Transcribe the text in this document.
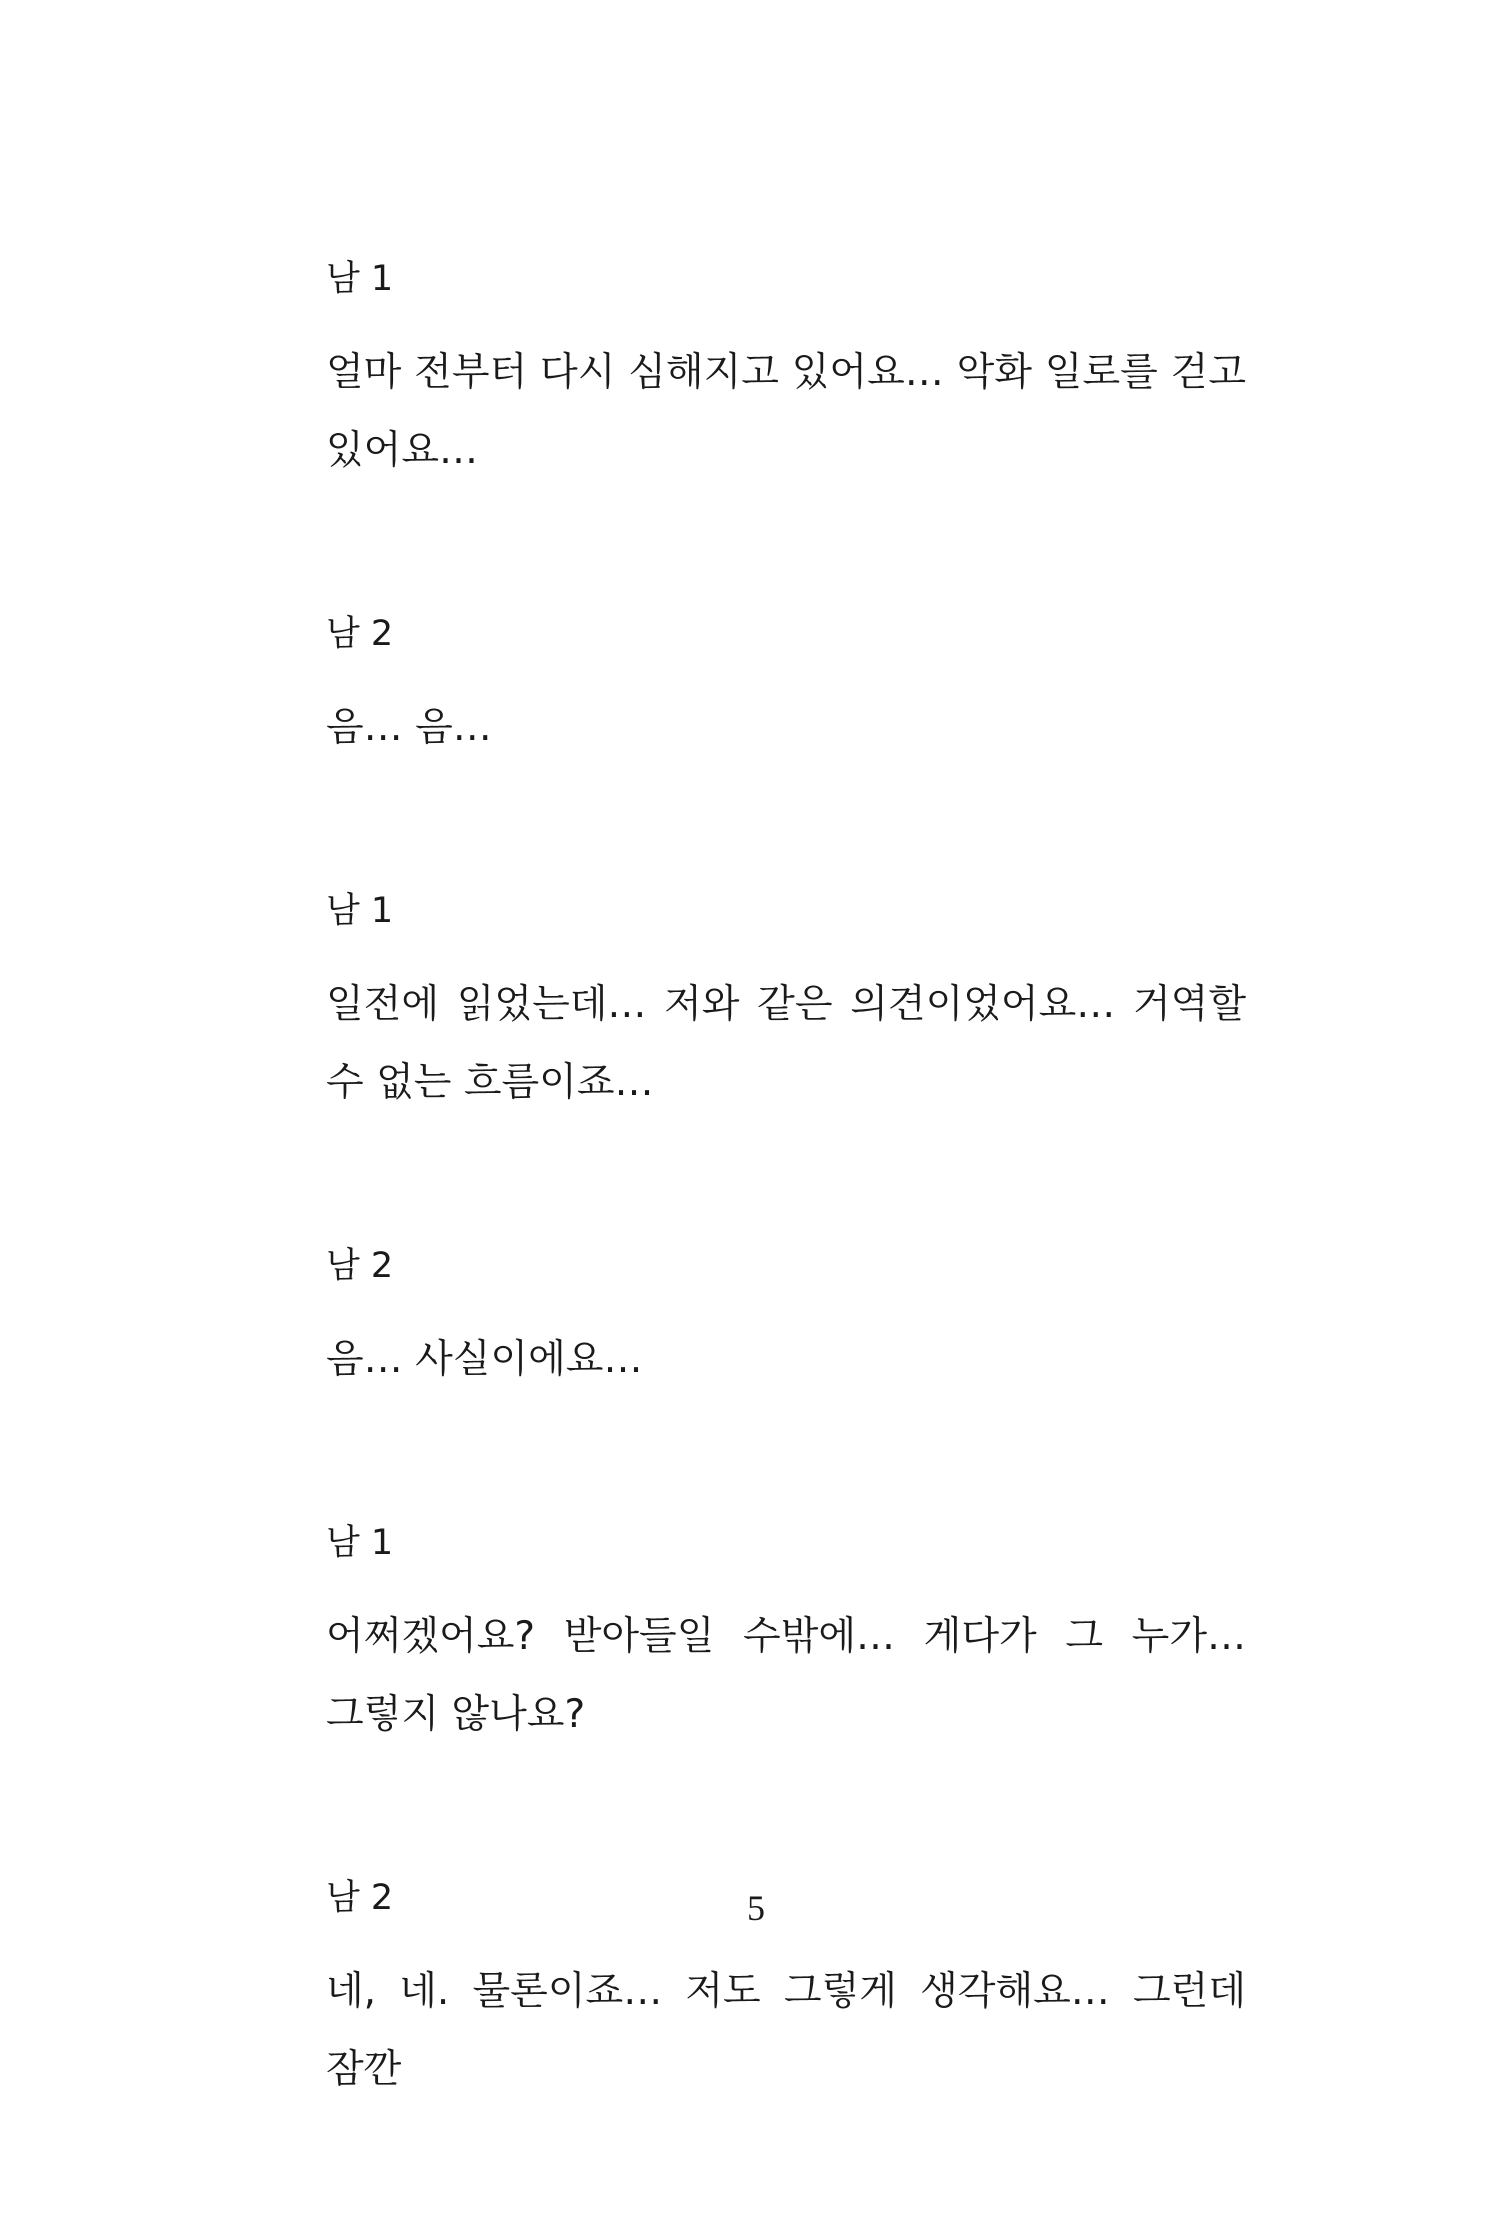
남 1
얼마 전부터 다시 심해지고 있어요… 악화 일로를 걷고 있어요…
남 2
음… 음…
남 1
일전에 읽었는데… 저와 같은 의견이었어요… 거역할 수 없는 흐름이죠…
남 2
음… 사실이에요…
남 1
어쩌겠어요? 받아들일 수밖에… 게다가 그 누가… 그렇지 않나요?
남 2
네, 네. 물론이죠… 저도 그렇게 생각해요… 그런데 잠깐
5
